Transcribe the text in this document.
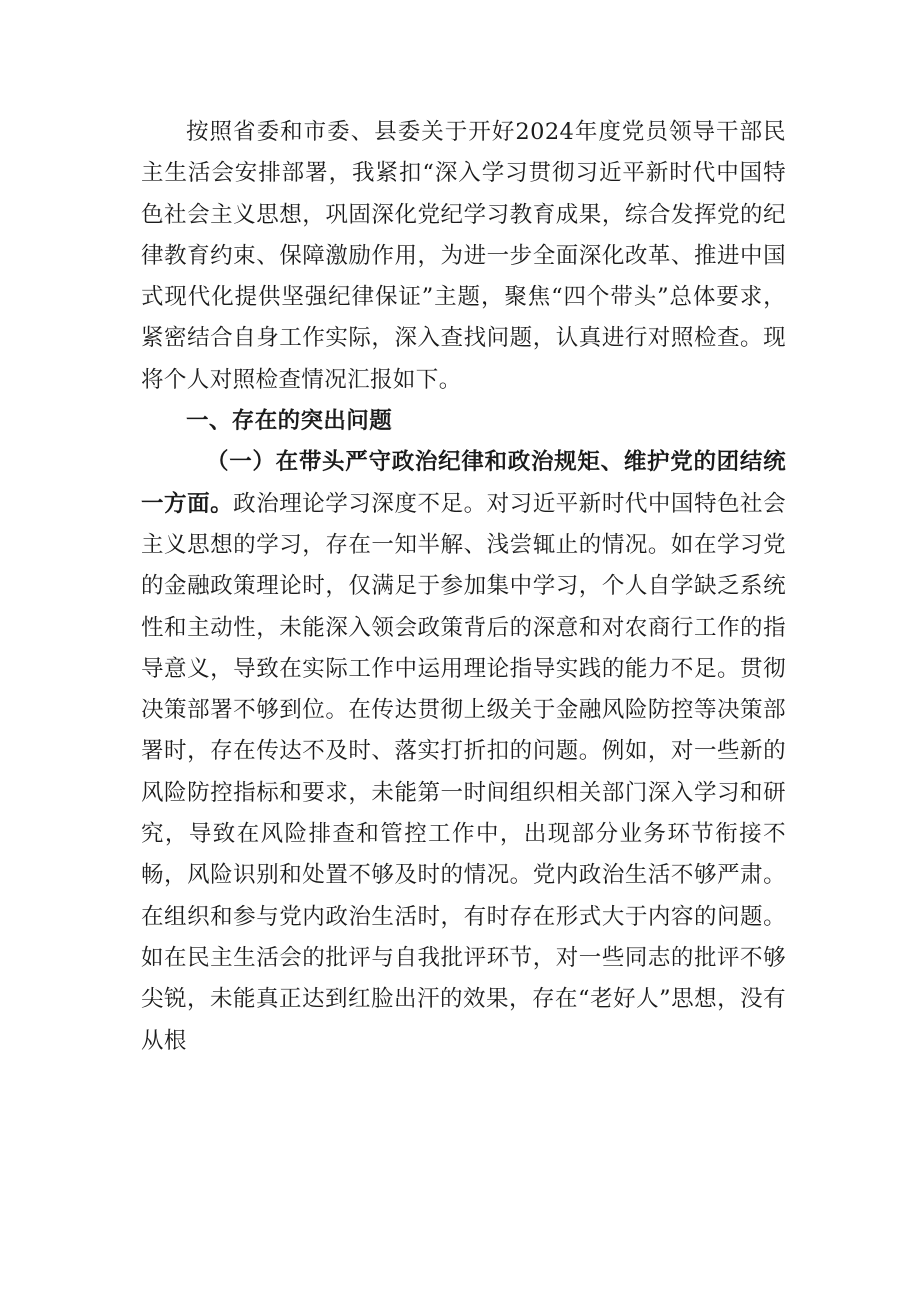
按照省委和市委、县委关于开好2024年度党员领导干部民主生活会安排部署，我紧扣“深入学习贯彻习近平新时代中国特色社会主义思想，巩固深化党纪学习教育成果，综合发挥党的纪律教育约束、保障激励作用，为进一步全面深化改革、推进中国式现代化提供坚强纪律保证”主题，聚焦“四个带头”总体要求，紧密结合自身工作实际，深入查找问题，认真进行对照检查。现将个人对照检查情况汇报如下。

一、存在的突出问题

（一）在带头严守政治纪律和政治规矩、维护党的团结统一方面。政治理论学习深度不足。对习近平新时代中国特色社会主义思想的学习，存在一知半解、浅尝辄止的情况。如在学习党的金融政策理论时，仅满足于参加集中学习，个人自学缺乏系统性和主动性，未能深入领会政策背后的深意和对农商行工作的指导意义，导致在实际工作中运用理论指导实践的能力不足。贯彻决策部署不够到位。在传达贯彻上级关于金融风险防控等决策部署时，存在传达不及时、落实打折扣的问题。例如，对一些新的风险防控指标和要求，未能第一时间组织相关部门深入学习和研究，导致在风险排查和管控工作中，出现部分业务环节衔接不畅，风险识别和处置不够及时的情况。党内政治生活不够严肃。在组织和参与党内政治生活时，有时存在形式大于内容的问题。如在民主生活会的批评与自我批评环节，对一些同志的批评不够尖锐，未能真正达到红脸出汗的效果，存在“老好人”思想，没有从根
